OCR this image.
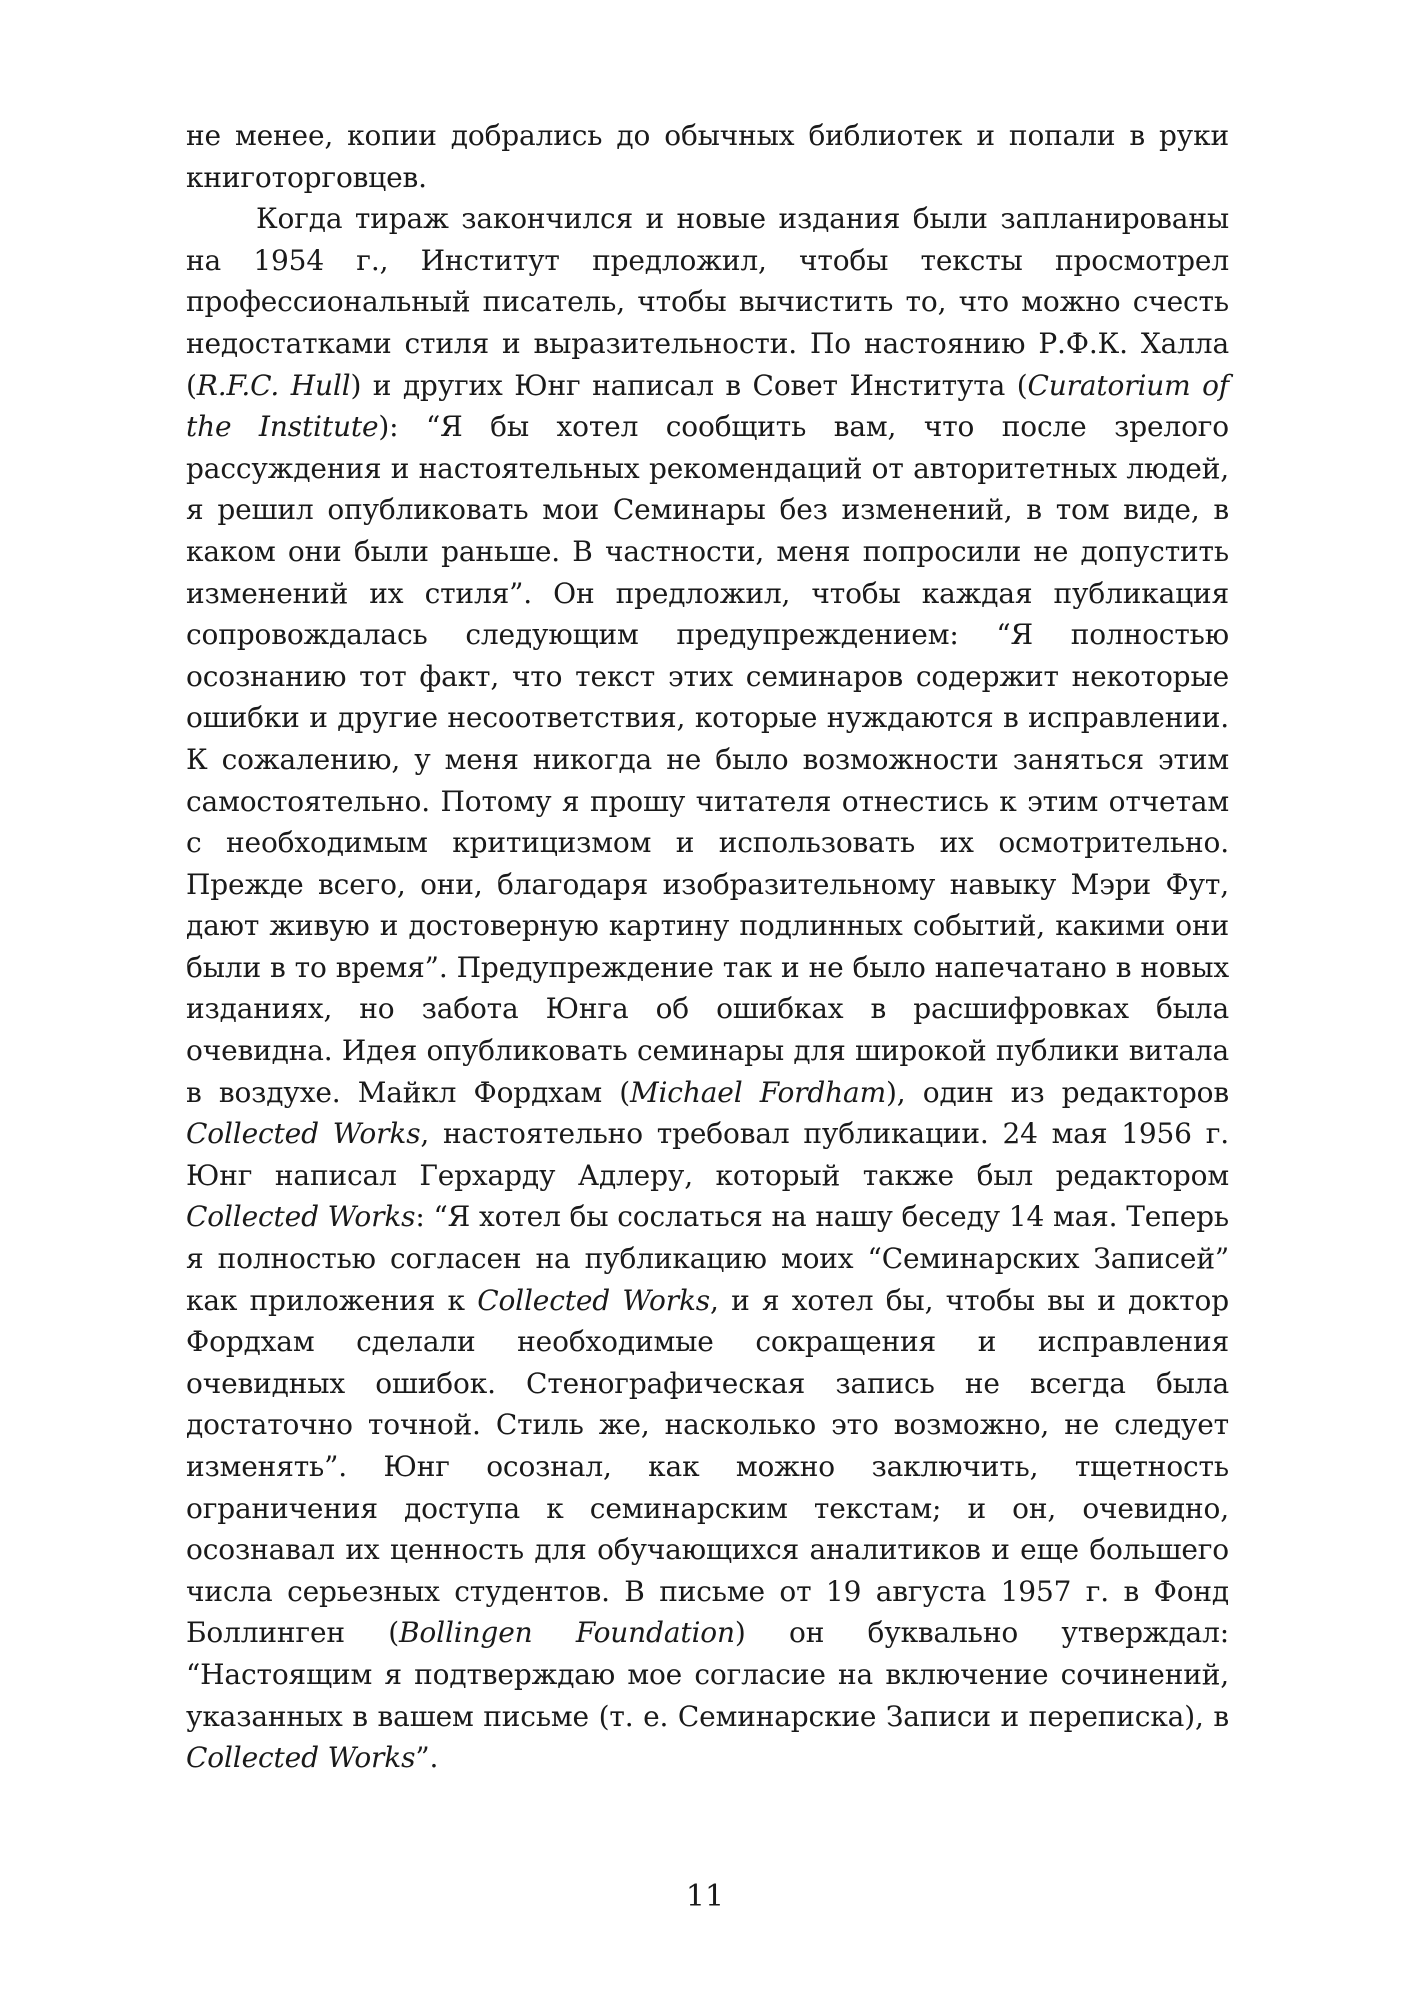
не менее, копии добрались до обычных библиотек и попали в руки книготорговцев.

Когда тираж закончился и новые издания были запланированы на 1954 г., Институт предложил, чтобы тексты просмотрел профессиональный писатель, чтобы вычистить то, что можно счесть недостатками стиля и выразительности. По настоянию Р.Ф.К. Халла (R.F.C. Hull) и других Юнг написал в Совет Института (Curatorium of the Institute): “Я бы хотел сообщить вам, что после зрелого рассуждения и настоятельных рекомендаций от авторитетных людей, я решил опубликовать мои Семинары без изменений, в том виде, в каком они были раньше. В частности, меня попросили не допустить изменений их стиля”. Он предложил, чтобы каждая публикация сопровождалась следующим предупреждением: “Я полностью осознанию тот факт, что текст этих семинаров содержит некоторые ошибки и другие несоответствия, которые нуждаются в исправлении. К сожалению, у меня никогда не было возможности заняться этим самостоятельно. Потому я прошу читателя отнестись к этим отчетам с необходимым критицизмом и использовать их осмотрительно. Прежде всего, они, благодаря изобразительному навыку Мэри Фут, дают живую и достоверную картину подлинных событий, какими они были в то время”. Предупреждение так и не было напечатано в новых изданиях, но забота Юнга об ошибках в расшифровках была очевидна. Идея опубликовать семинары для широкой публики витала в воздухе. Майкл Фордхам (Michael Fordham), один из редакторов Collected Works, настоятельно требовал публикации. 24 мая 1956 г. Юнг написал Герхарду Адлеру, который также был редактором Collected Works: “Я хотел бы сослаться на нашу беседу 14 мая. Теперь я полностью согласен на публикацию моих “Семинарских Записей” как приложения к Collected Works, и я хотел бы, чтобы вы и доктор Фордхам сделали необходимые сокращения и исправления очевидных ошибок. Стенографическая запись не всегда была достаточно точной. Стиль же, насколько это возможно, не следует изменять”. Юнг осознал, как можно заключить, тщетность ограничения доступа к семинарским текстам; и он, очевидно, осознавал их ценность для обучающихся аналитиков и еще большего числа серьезных студентов. В письме от 19 августа 1957 г. в Фонд Боллинген (Bollingen Foundation) он буквально утверждал: “Настоящим я подтверждаю мое согласие на включение сочинений, указанных в вашем письме (т. е. Семинарские Записи и переписка), в Collected Works”.

11
